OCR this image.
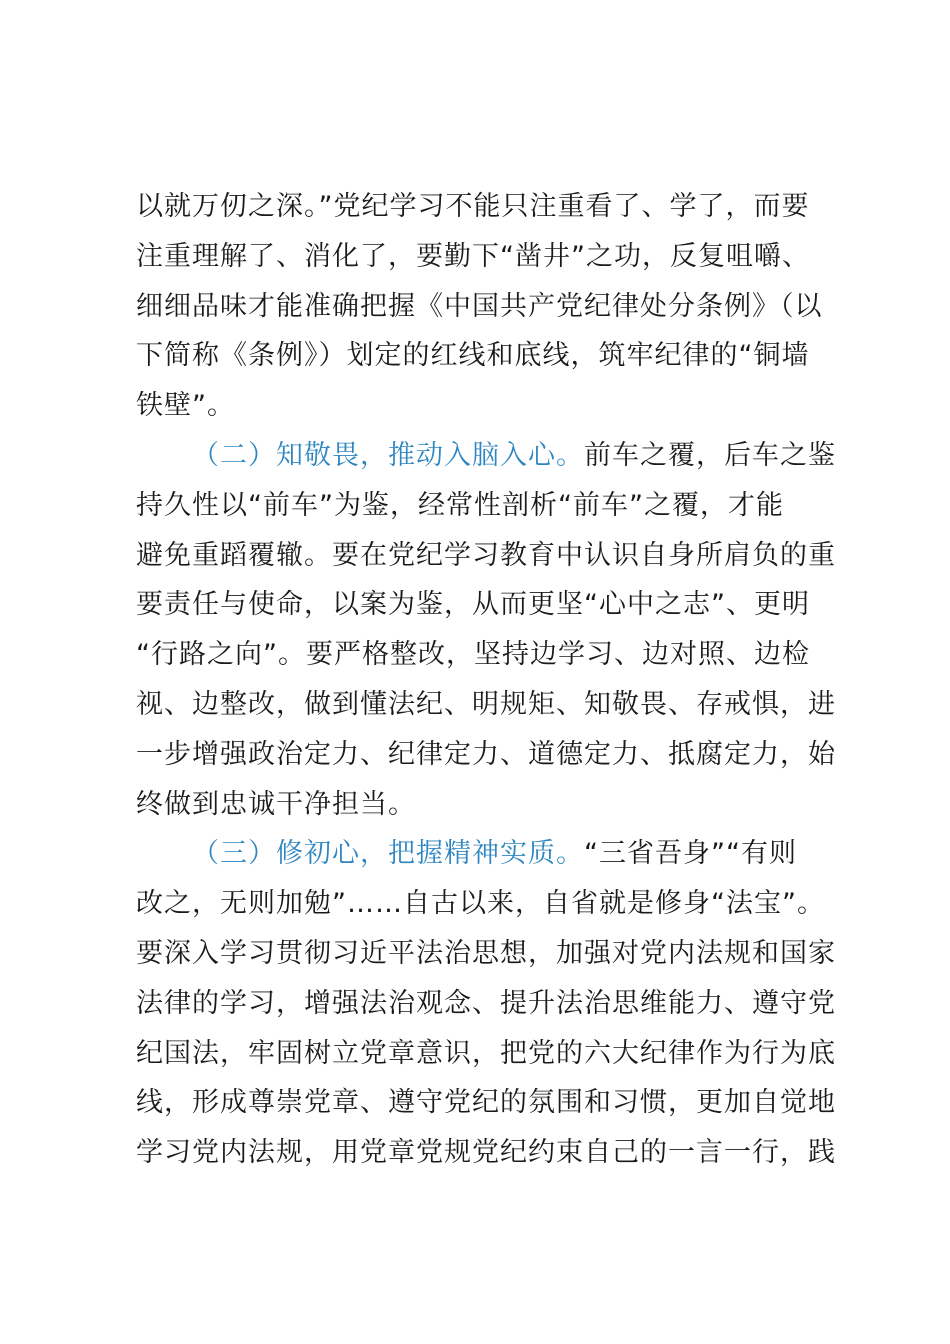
以就万仞之深。”党纪学习不能只注重看了、学了，而要
注重理解了、消化了，要勤下“凿井”之功，反复咀嚼、
细细品味才能准确把握《中国共产党纪律处分条例》（以
下简称《条例》）划定的红线和底线，筑牢纪律的“铜墙
铁壁”。
（二）知敬畏，推动入脑入心。前车之覆，后车之鉴
持久性以“前车”为鉴，经常性剖析“前车”之覆，才能
避免重蹈覆辙。要在党纪学习教育中认识自身所肩负的重
要责任与使命，以案为鉴，从而更坚“心中之志”、更明
“行路之向”。要严格整改，坚持边学习、边对照、边检
视、边整改，做到懂法纪、明规矩、知敬畏、存戒惧，进
一步增强政治定力、纪律定力、道德定力、抵腐定力，始
终做到忠诚干净担当。
（三）修初心，把握精神实质。“三省吾身”“有则
改之，无则加勉”……自古以来，自省就是修身“法宝”。
要深入学习贯彻习近平法治思想，加强对党内法规和国家
法律的学习，增强法治观念、提升法治思维能力、遵守党
纪国法，牢固树立党章意识，把党的六大纪律作为行为底
线，形成尊崇党章、遵守党纪的氛围和习惯，更加自觉地
学习党内法规，用党章党规党纪约束自己的一言一行，践
